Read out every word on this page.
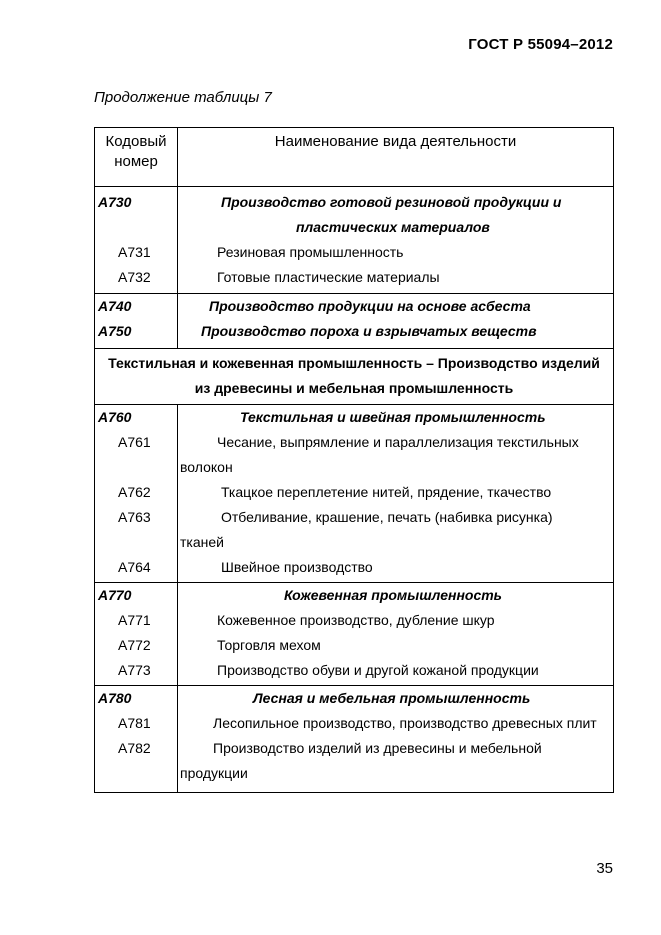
ГОСТ Р 55094–2012
Продолжение таблицы 7
Кодовый
номер
Наименование вида деятельности
А730	Производство готовой резиновой продукции и
пластических материалов
А731	Резиновая промышленность
А732	Готовые пластические материалы
А740	Производство продукции на основе асбеста
А750	Производство пороха и взрывчатых веществ
Текстильная и кожевенная промышленность – Производство изделий
из древесины и мебельная промышленность
А760	Текстильная и швейная промышленность
А761	Чесание, выпрямление и параллелизация текстильных
волокон
А762	Ткацкое переплетение нитей, прядение, ткачество
А763	Отбеливание, крашение, печать (набивка рисунка)
тканей
А764	Швейное производство
А770	Кожевенная промышленность
А771	Кожевенное производство, дубление шкур
А772	Торговля мехом
А773	Производство обуви и другой кожаной продукции
А780	Лесная и мебельная промышленность
А781	Лесопильное производство, производство древесных плит
А782	Производство изделий из древесины и мебельной
продукции
35
